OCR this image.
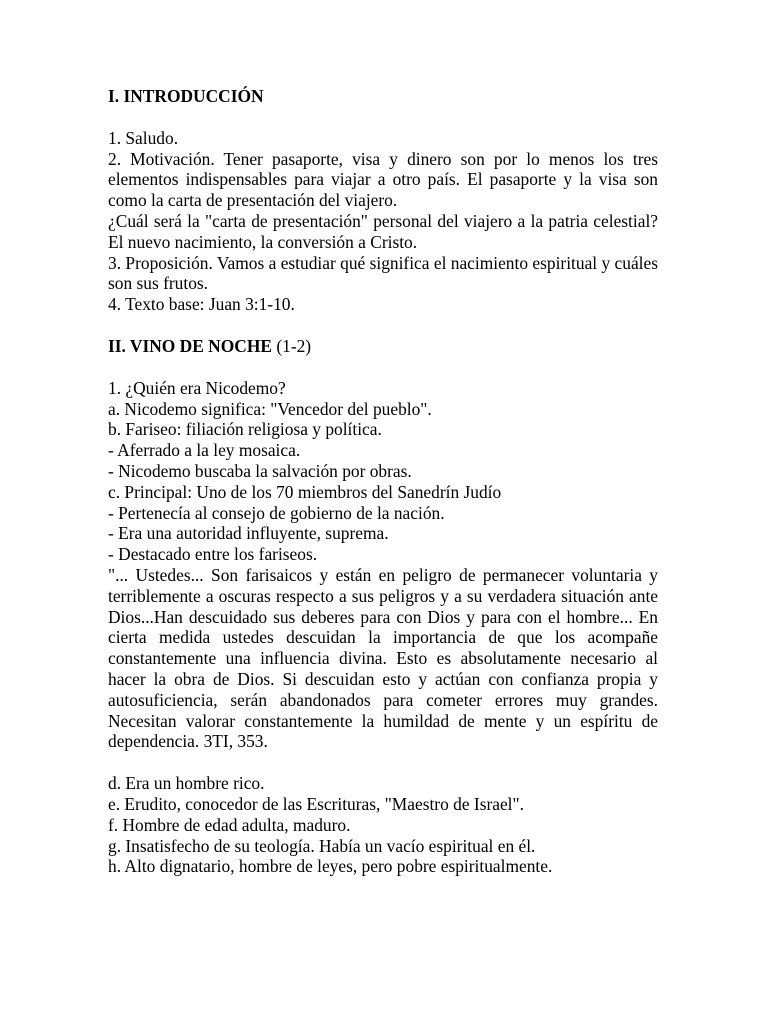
I. INTRODUCCIÓN

1. Saludo.

2. Motivación. Tener pasaporte, visa y dinero son por lo menos los tres elementos indispensables para viajar a otro país. El pasaporte y la visa son como la carta de presentación del viajero.

¿Cuál será la "carta de presentación" personal del viajero a la patria celestial? El nuevo nacimiento, la conversión a Cristo.

3. Proposición. Vamos a estudiar qué significa el nacimiento espiritual y cuáles son sus frutos.

4. Texto base: Juan 3:1-10.

II. VINO DE NOCHE (1-2)

1. ¿Quién era Nicodemo?

a. Nicodemo significa: "Vencedor del pueblo".

b. Fariseo: filiación religiosa y política.

- Aferrado a la ley mosaica.

- Nicodemo buscaba la salvación por obras.

c. Principal: Uno de los 70 miembros del Sanedrín Judío

- Pertenecía al consejo de gobierno de la nación.

- Era una autoridad influyente, suprema.

- Destacado entre los fariseos.

"... Ustedes... Son farisaicos y están en peligro de permanecer voluntaria y terriblemente a oscuras respecto a sus peligros y a su verdadera situación ante Dios...Han descuidado sus deberes para con Dios y para con el hombre... En cierta medida ustedes descuidan la importancia de que los acompañe constantemente una influencia divina. Esto es absolutamente necesario al hacer la obra de Dios. Si descuidan esto y actúan con confianza propia y autosuficiencia, serán abandonados para cometer errores muy grandes. Necesitan valorar constantemente la humildad de mente y un espíritu de dependencia. 3TI, 353.

d. Era un hombre rico.

e. Erudito, conocedor de las Escrituras, "Maestro de Israel".

f. Hombre de edad adulta, maduro.

g. Insatisfecho de su teología. Había un vacío espiritual en él.

h. Alto dignatario, hombre de leyes, pero pobre espiritualmente.
